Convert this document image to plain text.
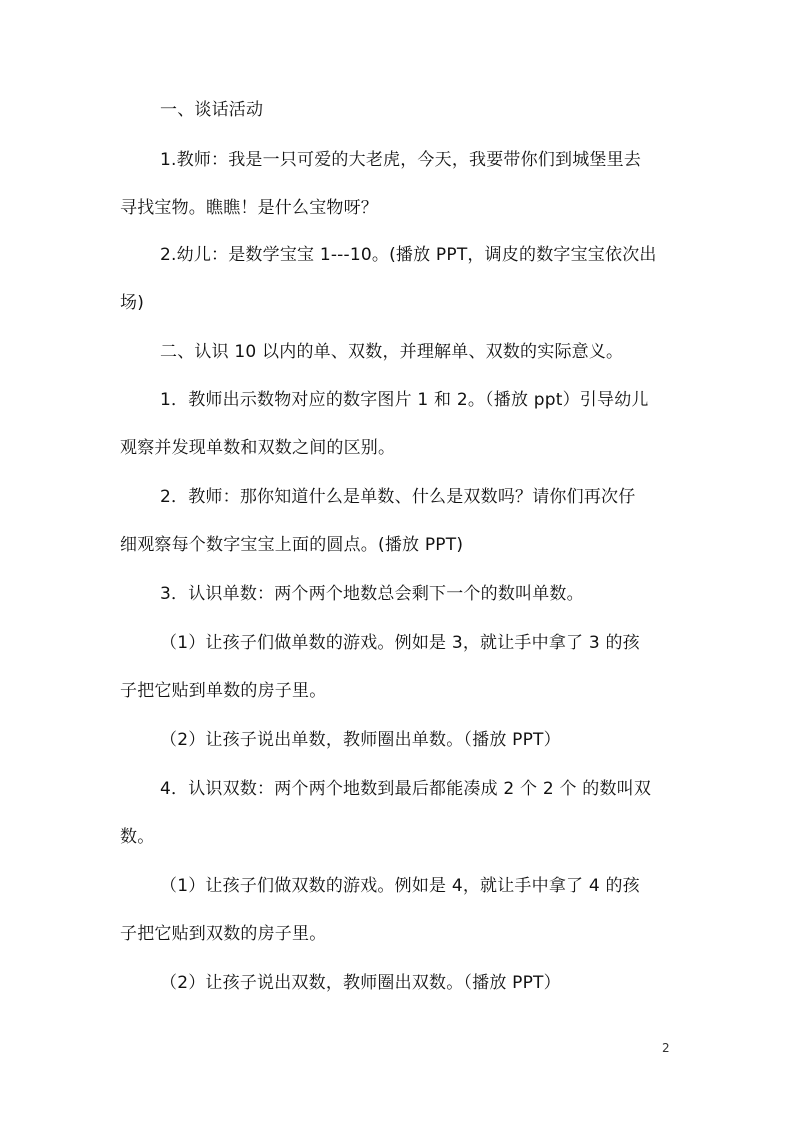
一、谈话活动
1.教师：我是一只可爱的大老虎，今天，我要带你们到城堡里去
寻找宝物。瞧瞧！是什么宝物呀？
2.幼儿：是数学宝宝 1---10。(播放 PPT，调皮的数字宝宝依次出
场)
二、认识 10 以内的单、双数，并理解单、双数的实际意义。
1．教师出示数物对应的数字图片 1 和 2。（播放 ppt）引导幼儿
观察并发现单数和双数之间的区别。
2．教师：那你知道什么是单数、什么是双数吗？请你们再次仔
细观察每个数字宝宝上面的圆点。(播放 PPT)
3．认识单数：两个两个地数总会剩下一个的数叫单数。
（1）让孩子们做单数的游戏。例如是 3，就让手中拿了 3 的孩
子把它贴到单数的房子里。
（2）让孩子说出单数，教师圈出单数。（播放 PPT）
4．认识双数：两个两个地数到最后都能凑成 2 个 2 个 的数叫双
数。
（1）让孩子们做双数的游戏。例如是 4，就让手中拿了 4 的孩
子把它贴到双数的房子里。
（2）让孩子说出双数，教师圈出双数。（播放 PPT）
2
